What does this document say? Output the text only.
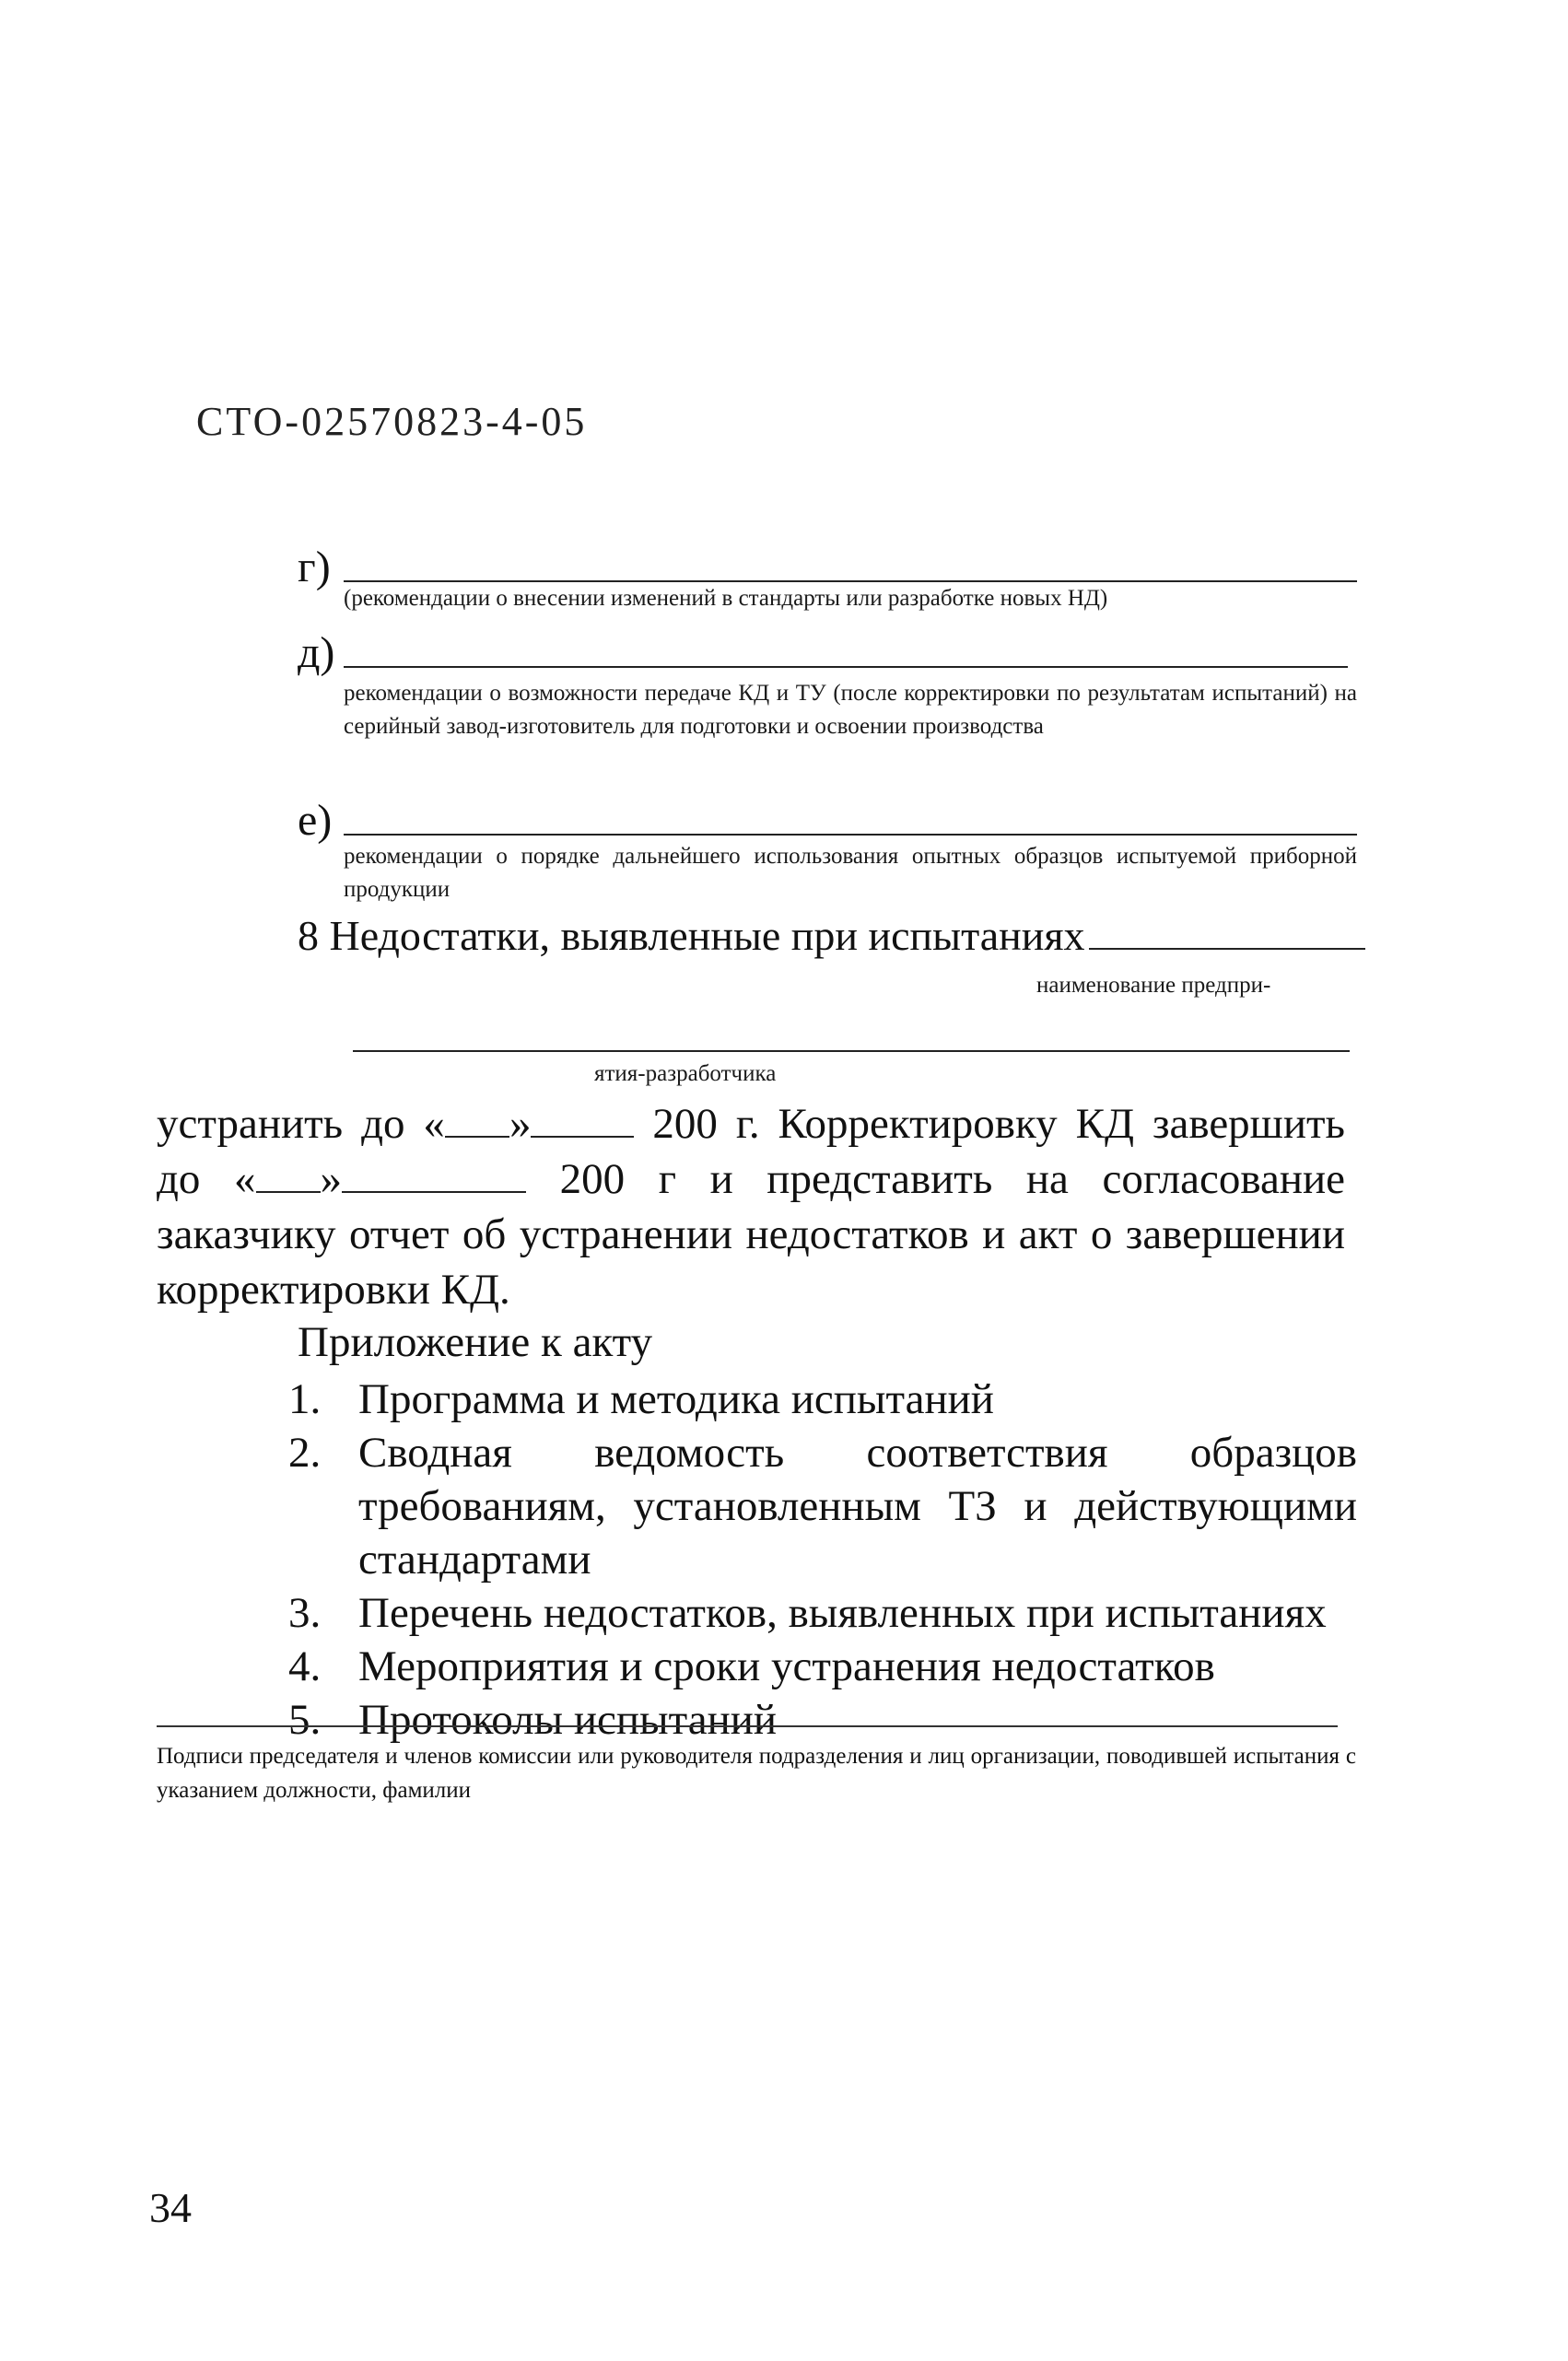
СТО-02570823-4-05
г)
(рекомендации о внесении изменений в стандарты или разработке новых НД)
д)
рекомендации о возможности передаче КД и ТУ (после корректировки по результатам испытаний) на серийный завод-изготовитель для подготовки и освоении производства
е)
рекомендации о порядке дальнейшего использования опытных образцов испытуемой приборной продукции
8 Недостатки, выявленные при испытаниях
наименование предпри-
ятия-разработчика
устранить до « » 200 г. Корректировку КД завершить до « »	200 г и представить на согласование заказчику отчет об устранении недостатков и акт о завершении корректировки КД.
Приложение к акту
1. Программа и методика испытаний
2. Сводная ведомость соответствия образцов требованиям, установленным ТЗ и действующими стандартами
3. Перечень недостатков, выявленных при испытаниях
4. Мероприятия и сроки устранения недостатков
5. Протоколы испытаний
Подписи председателя и членов комиссии или руководителя подразделения и лиц организации, поводившей испытания с указанием должности, фамилии
34
